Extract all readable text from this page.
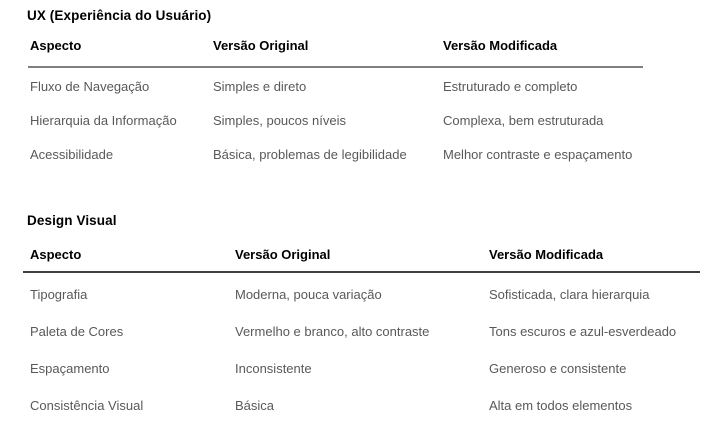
UX (Experiência do Usuário)
Aspecto	Versão Original	Versão Modificada
Fluxo de Navegação	Simples e direto	Estruturado e completo
Hierarquia da Informação	Simples, poucos níveis	Complexa, bem estruturada
Acessibilidade	Básica, problemas de legibilidade	Melhor contraste e espaçamento
Design Visual
Aspecto	Versão Original	Versão Modificada
Tipografia	Moderna, pouca variação	Sofisticada, clara hierarquia
Paleta de Cores	Vermelho e branco, alto contraste	Tons escuros e azul-esverdeado
Espaçamento	Inconsistente	Generoso e consistente
Consistência Visual	Básica	Alta em todos elementos
